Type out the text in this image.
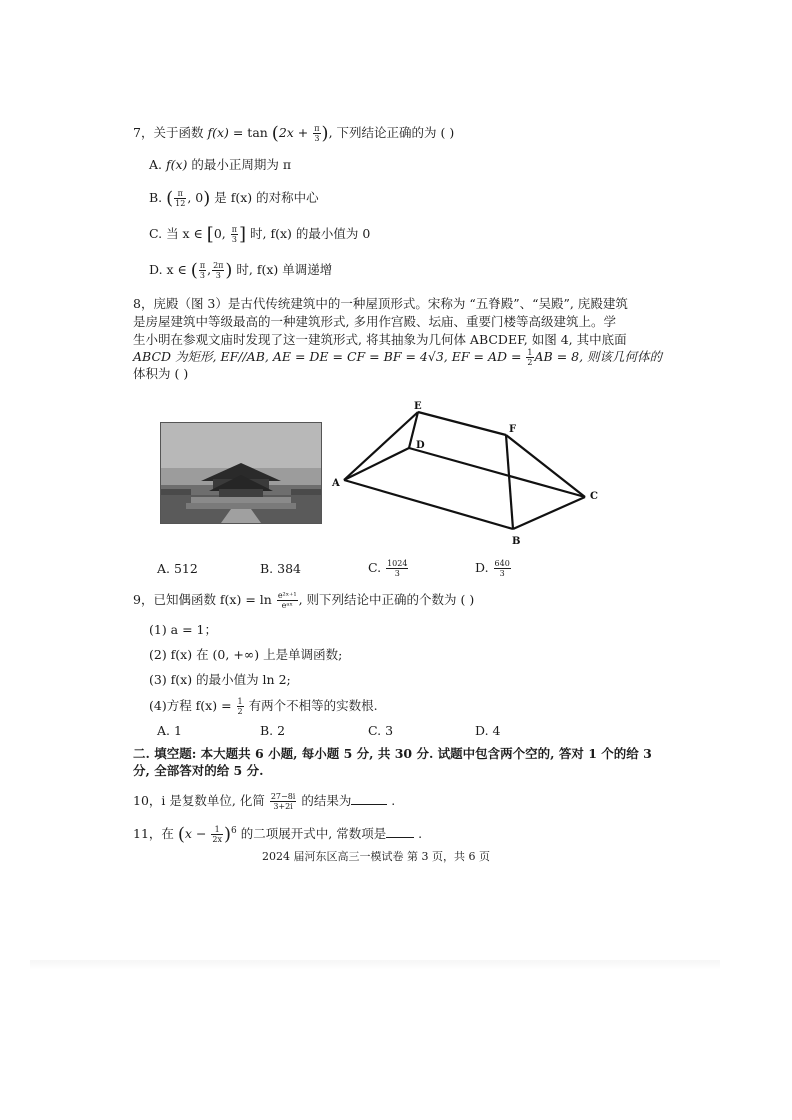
7，关于函数 $f(x) = \tan (2x + \frac{\pi}{3}$ ), 下列结论正确的为 ( )
A. f(x) 的最小正周期为 π
B. ( $\frac{\pi}{12}$ , 0) 是 f(x) 的对称中心
C. 当 x ∈ [0, $\frac{\pi}{3}$ ] 时, f(x) 的最小值为 0
D. x ∈ ( $\frac{\pi}{3}$ , $\frac{2\pi}{3}$ ) 时, f(x) 单调递增
8，庑殿（图 3）是古代传统建筑中的一种屋顶形式。宋称为 “五脊殿”、“吴殿”, 庑殿建筑
是房屋建筑中等级最高的一种建筑形式, 多用作宫殿、坛庙、重要门楼等高级建筑上。学
生小明在参观文庙时发现了这一建筑形式, 将其抽象为几何体 ABCDEF, 如图 4, 其中底面
ABCD 为矩形, EF//AB, AE = DE = CF = BF = 4√3, EF = AD = $\frac{1}{2}$ AB = 8, 则该几何体的
体积为 ( )
E
F
D
A
B
C
A. 512	B. 384	C. $\frac{1024}{3}$	D. $\frac{640}{3}$
9，已知偶函数 $f(x) = \ln \frac{\text{e²ˣ⁺¹}}{\text{eᵃˣ}}$ , 则下列结论中正确的个数为 ( )
(1) a = 1；
(2) f(x) 在 (0, +∞) 上是单调函数;
(3) f(x) 的最小值为 ln 2;
(4)方程 $f(x) = \frac{1}{2}$ 有两个不相等的实数根.
A. 1	B. 2	C. 3	D. 4
二. 填空题: 本大题共 6 小题, 每小题 5 分, 共 30 分. 试题中包含两个空的, 答对 1 个的给 3
分, 全部答对的给 5 分.
10，i 是复数单位, 化简 $\frac{27-8i}{3+2i}$ 的结果为	.
11，在 $(x - \frac{1}{2x} )^6$ 的二项展开式中, 常数项是 .
2024 届河东区高三一模试卷 第 3 页，共 6 页
